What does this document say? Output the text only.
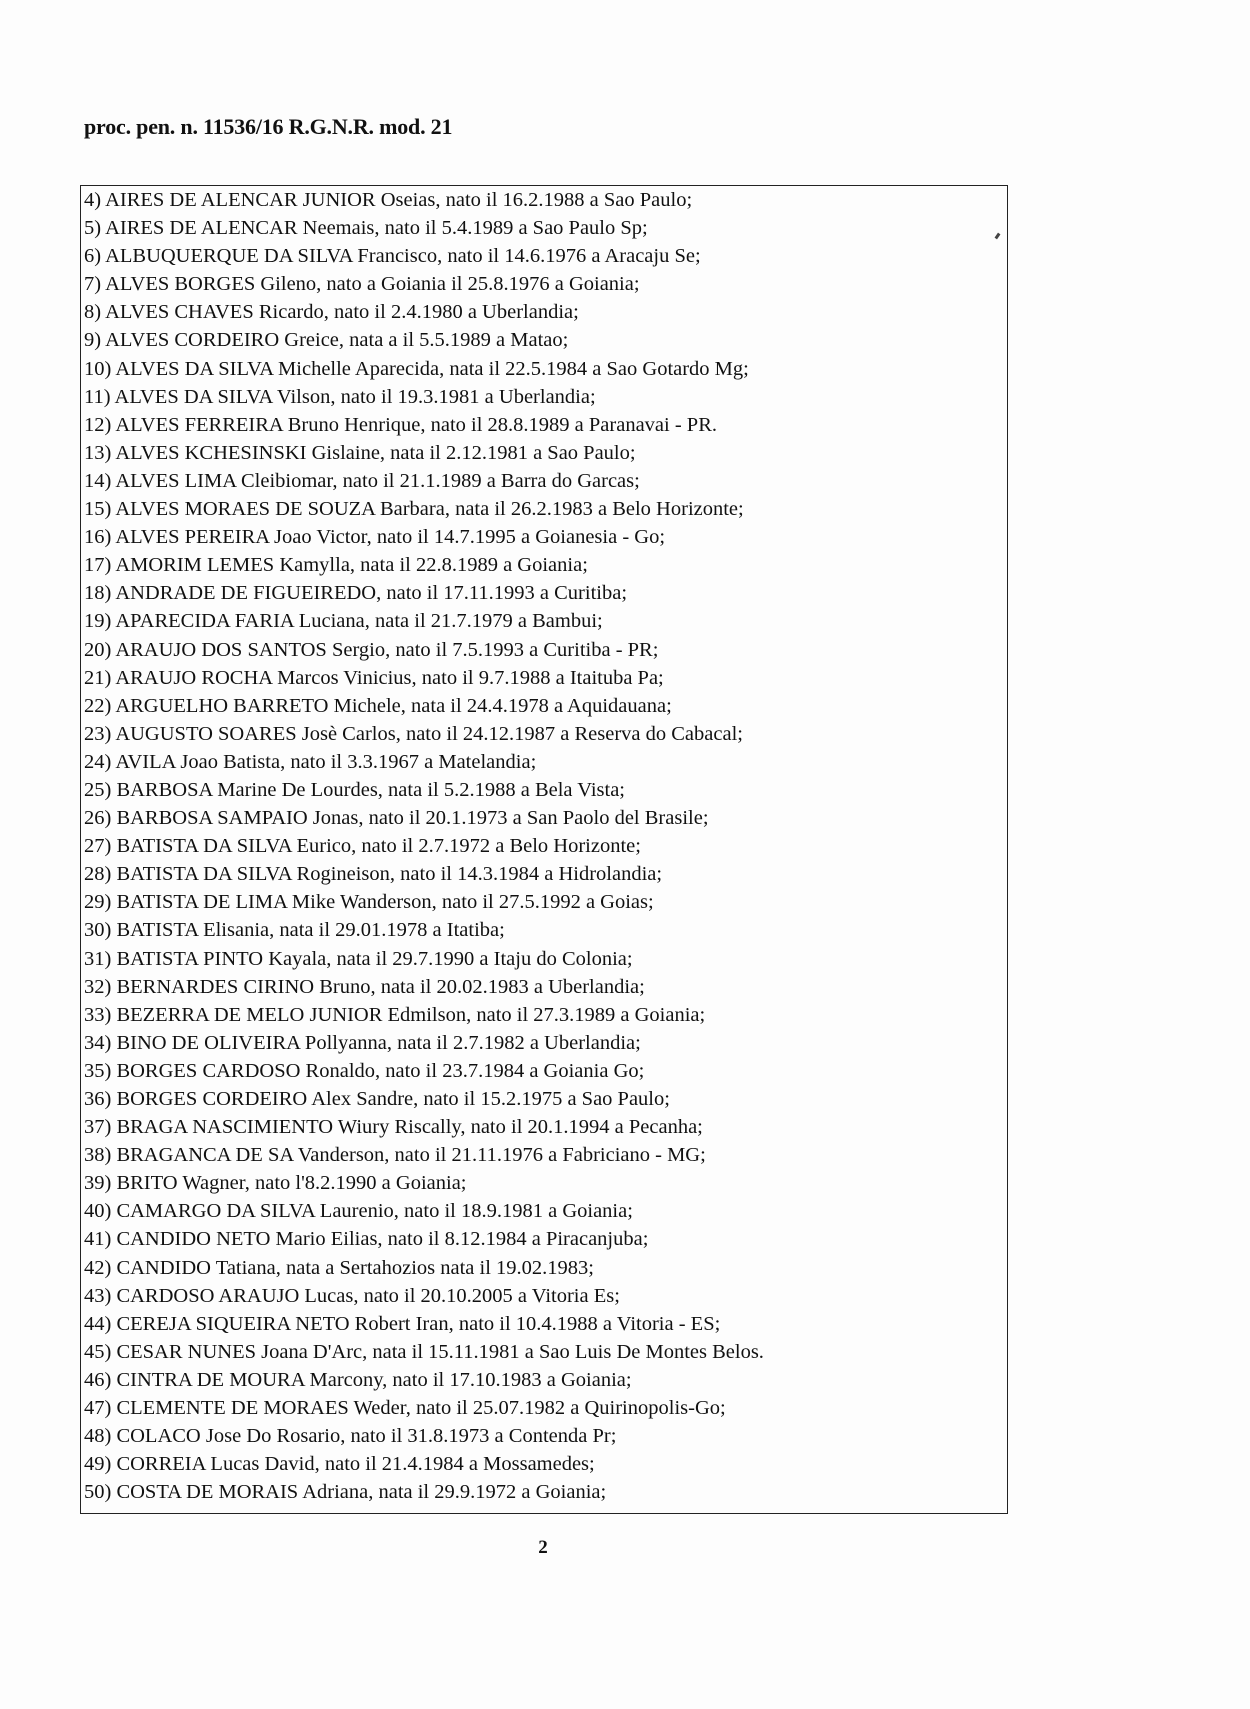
proc. pen. n. 11536/16 R.G.N.R. mod. 21
4) AIRES DE ALENCAR JUNIOR Oseias, nato il 16.2.1988 a Sao Paulo;
5) AIRES DE ALENCAR Neemais, nato il 5.4.1989 a Sao Paulo Sp;
6) ALBUQUERQUE DA SILVA Francisco, nato il 14.6.1976 a Aracaju Se;
7) ALVES BORGES Gileno, nato a Goiania il 25.8.1976 a Goiania;
8) ALVES CHAVES Ricardo, nato il 2.4.1980 a Uberlandia;
9) ALVES CORDEIRO Greice, nata a il 5.5.1989 a Matao;
10) ALVES DA SILVA Michelle Aparecida, nata il 22.5.1984 a Sao Gotardo Mg;
11) ALVES DA SILVA Vilson, nato il 19.3.1981 a Uberlandia;
12) ALVES FERREIRA Bruno Henrique, nato il 28.8.1989 a Paranavai - PR.
13) ALVES KCHESINSKI Gislaine, nata il 2.12.1981 a Sao Paulo;
14) ALVES LIMA Cleibiomar, nato il 21.1.1989 a Barra do Garcas;
15) ALVES MORAES DE SOUZA Barbara, nata il 26.2.1983 a Belo Horizonte;
16) ALVES PEREIRA Joao Victor, nato il 14.7.1995 a Goianesia - Go;
17) AMORIM LEMES Kamylla, nata il 22.8.1989 a Goiania;
18) ANDRADE DE FIGUEIREDO, nato il 17.11.1993 a Curitiba;
19) APARECIDA FARIA Luciana, nata il 21.7.1979 a Bambui;
20) ARAUJO DOS SANTOS Sergio, nato il 7.5.1993 a Curitiba - PR;
21) ARAUJO ROCHA Marcos Vinicius, nato il 9.7.1988 a Itaituba Pa;
22) ARGUELHO BARRETO Michele, nata il 24.4.1978 a Aquidauana;
23) AUGUSTO SOARES Josè Carlos, nato il 24.12.1987 a Reserva do Cabacal;
24) AVILA Joao Batista, nato il 3.3.1967 a Matelandia;
25) BARBOSA Marine De Lourdes, nata il 5.2.1988 a Bela Vista;
26) BARBOSA SAMPAIO Jonas, nato il 20.1.1973 a San Paolo del Brasile;
27) BATISTA DA SILVA Eurico, nato il 2.7.1972 a Belo Horizonte;
28) BATISTA DA SILVA Rogineison, nato il 14.3.1984 a Hidrolandia;
29) BATISTA DE LIMA Mike Wanderson, nato il 27.5.1992 a Goias;
30) BATISTA Elisania, nata il 29.01.1978 a Itatiba;
31) BATISTA PINTO Kayala, nata il 29.7.1990 a Itaju do Colonia;
32) BERNARDES CIRINO Bruno, nata il 20.02.1983 a Uberlandia;
33) BEZERRA DE MELO JUNIOR Edmilson, nato il 27.3.1989 a Goiania;
34) BINO DE OLIVEIRA Pollyanna, nata il 2.7.1982 a Uberlandia;
35) BORGES CARDOSO Ronaldo, nato il 23.7.1984 a Goiania Go;
36) BORGES CORDEIRO Alex Sandre, nato il 15.2.1975 a Sao Paulo;
37) BRAGA NASCIMIENTO Wiury Riscally, nato il 20.1.1994 a Pecanha;
38) BRAGANCA DE SA Vanderson, nato il 21.11.1976 a Fabriciano - MG;
39) BRITO Wagner, nato l'8.2.1990 a Goiania;
40) CAMARGO DA SILVA Laurenio, nato il 18.9.1981 a Goiania;
41) CANDIDO NETO Mario Eilias, nato il 8.12.1984 a Piracanjuba;
42) CANDIDO Tatiana, nata a Sertahozios nata il 19.02.1983;
43) CARDOSO ARAUJO Lucas, nato il 20.10.2005 a Vitoria Es;
44) CEREJA SIQUEIRA NETO Robert Iran, nato il 10.4.1988 a Vitoria - ES;
45) CESAR NUNES Joana D'Arc, nata il 15.11.1981 a Sao Luis De Montes Belos.
46) CINTRA DE MOURA Marcony, nato il 17.10.1983 a Goiania;
47) CLEMENTE DE MORAES Weder, nato il 25.07.1982 a Quirinopolis-Go;
48) COLACO Jose Do Rosario, nato il 31.8.1973 a Contenda Pr;
49) CORREIA Lucas David, nato il 21.4.1984 a Mossamedes;
50) COSTA DE MORAIS Adriana, nata il 29.9.1972 a Goiania;
2
